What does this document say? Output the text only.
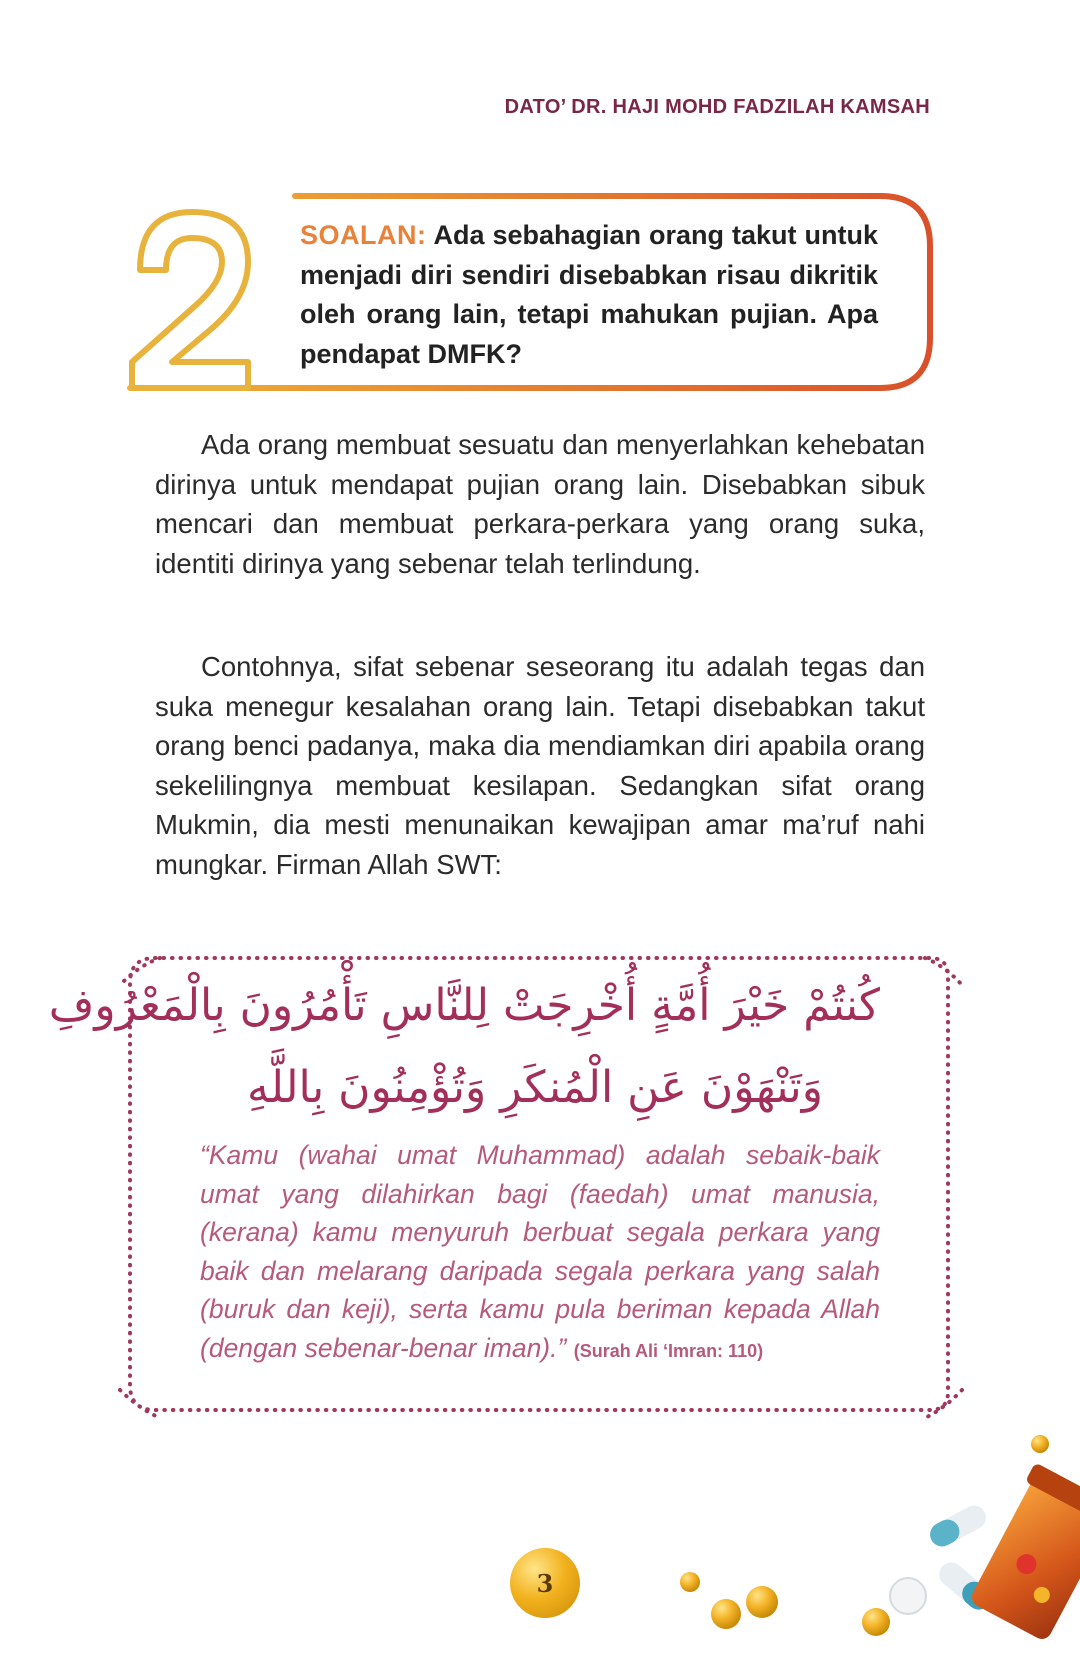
DATO’ DR. HAJI MOHD FADZILAH KAMSAH
SOALAN: Ada sebahagian orang takut untuk menjadi diri sendiri disebabkan risau dikritik oleh orang lain, tetapi mahukan pujian. Apa pendapat DMFK?
Ada orang membuat sesuatu dan menyerlahkan kehebatan dirinya untuk mendapat pujian orang lain. Disebabkan sibuk mencari dan membuat perkara-perkara yang orang suka, identiti dirinya yang sebenar telah terlindung.
Contohnya, sifat sebenar seseorang itu adalah tegas dan suka menegur kesalahan orang lain. Tetapi disebabkan takut orang benci padanya, maka dia mendiamkan diri apabila orang sekelilingnya membuat kesilapan. Sedangkan sifat orang Mukmin, dia mesti menunaikan kewajipan amar ma’ruf nahi mungkar. Firman Allah SWT:
كُنتُمْ خَيْرَ أُمَّةٍ أُخْرِجَتْ لِلنَّاسِ تَأْمُرُونَ بِالْمَعْرُوفِ
وَتَنْهَوْنَ عَنِ الْمُنكَرِ وَتُؤْمِنُونَ بِاللَّهِ
“Kamu (wahai umat Muhammad) adalah sebaik-baik umat yang dilahirkan bagi (faedah) umat manusia, (kerana) kamu menyuruh berbuat segala perkara yang baik dan melarang daripada segala perkara yang salah (buruk dan keji), serta kamu pula beriman kepada Allah (dengan sebenar-benar iman).” (Surah Ali ‘Imran: 110)
3
